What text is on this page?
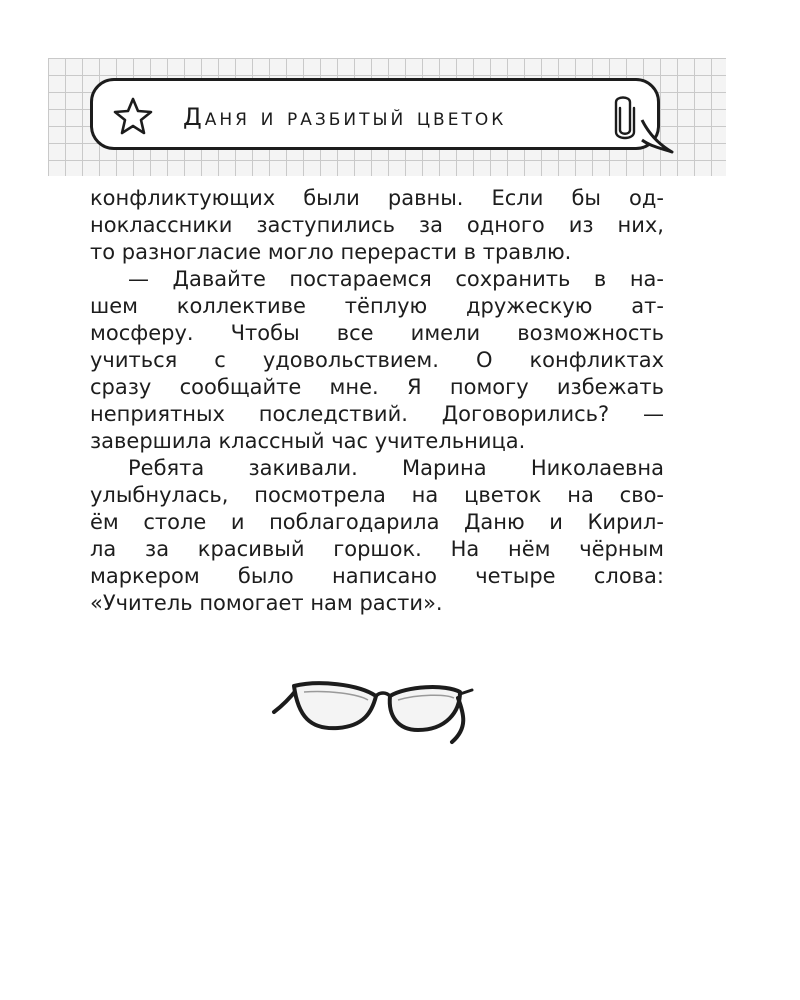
Даня и разбитый цветок
конфликтующих были равны. Если бы од-
ноклассники заступились за одного из них,
то разногласие могло перерасти в травлю.
— Давайте постараемся сохранить в на-
шем коллективе тёплую дружескую ат-
мосферу. Чтобы все имели возможность
учиться с удовольствием. О конфликтах
сразу сообщайте мне. Я помогу избежать
неприятных последствий. Договорились? —
завершила классный час учительница.
Ребята закивали. Марина Николаевна
улыбнулась, посмотрела на цветок на сво-
ём столе и поблагодарила Даню и Кирил-
ла за красивый горшок. На нём чёрным
маркером было написано четыре слова:
«Учитель помогает нам расти».
